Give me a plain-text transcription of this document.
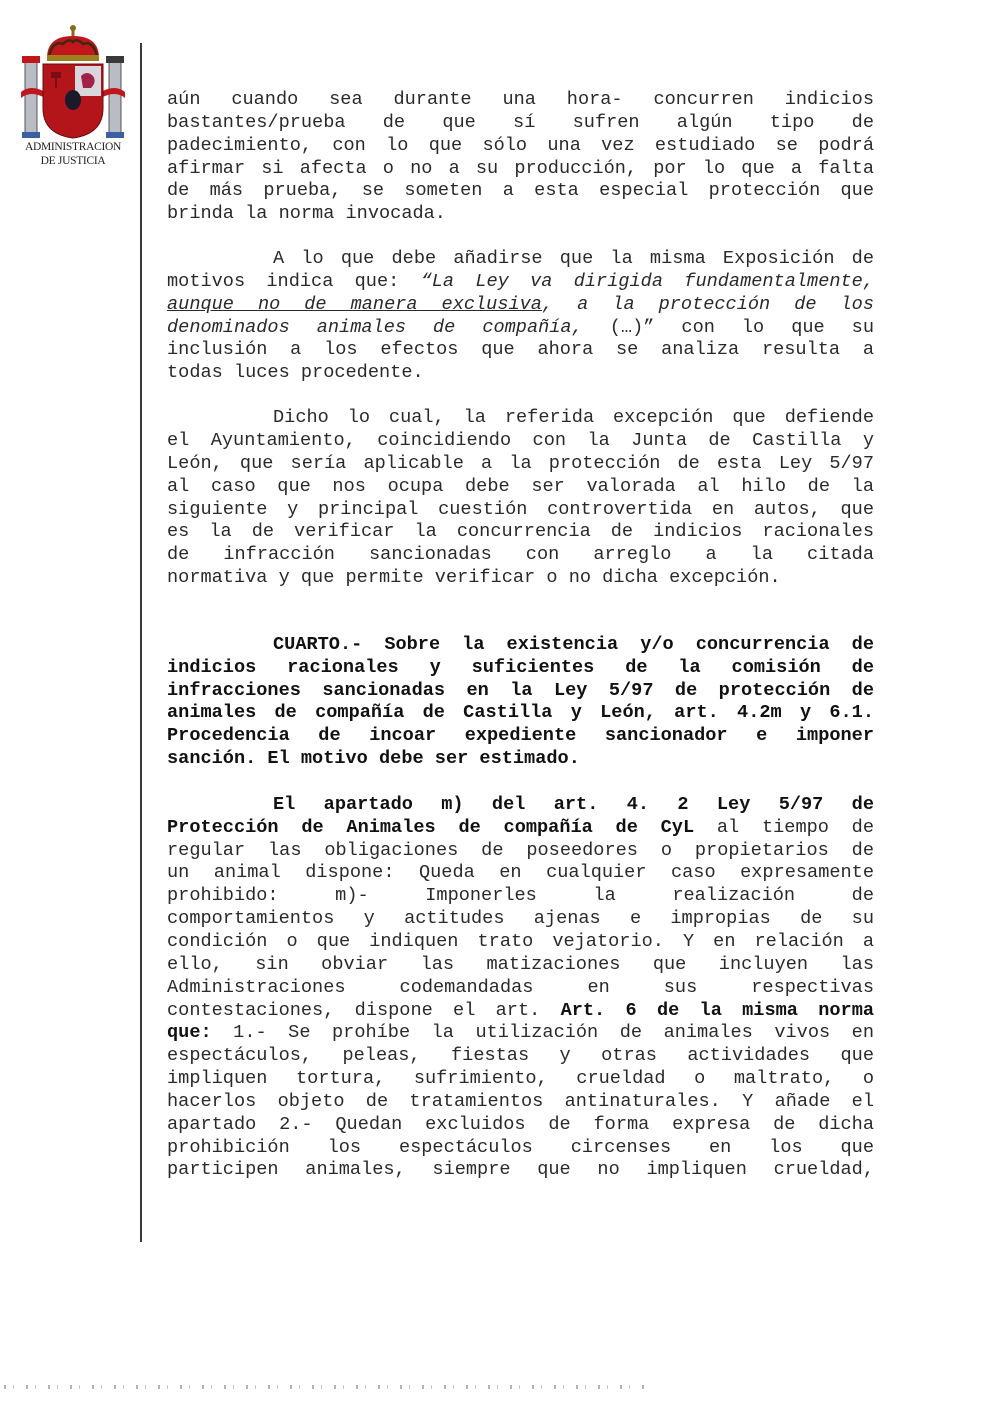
ADMINISTRACION
DE JUSTICIA
aún cuando sea durante una hora- concurren indicios
bastantes/prueba de que sí sufren algún tipo de
padecimiento, con lo que sólo una vez estudiado se podrá
afirmar si afecta o no a su producción, por lo que a falta
de más prueba, se someten a esta especial protección que
brinda la norma invocada.
A lo que debe añadirse que la misma Exposición de
motivos indica que: “La Ley va dirigida fundamentalmente,
aunque no de manera exclusiva, a la protección de los
denominados animales de compañía, (…)” con lo que su
inclusión a los efectos que ahora se analiza resulta a
todas luces procedente.
Dicho lo cual, la referida excepción que defiende
el Ayuntamiento, coincidiendo con la Junta de Castilla y
León, que sería aplicable a la protección de esta Ley 5/97
al caso que nos ocupa debe ser valorada al hilo de la
siguiente y principal cuestión controvertida en autos, que
es la de verificar la concurrencia de indicios racionales
de infracción sancionadas con arreglo a la citada
normativa y que permite verificar o no dicha excepción.
CUARTO.- Sobre la existencia y/o concurrencia de
indicios racionales y suficientes de la comisión de
infracciones sancionadas en la Ley 5/97 de protección de
animales de compañía de Castilla y León, art. 4.2m y 6.1.
Procedencia de incoar expediente sancionador e imponer
sanción. El motivo debe ser estimado.
El apartado m) del art. 4. 2 Ley 5/97 de
Protección de Animales de compañía de CyL al tiempo de
regular las obligaciones de poseedores o propietarios de
un animal dispone: Queda en cualquier caso expresamente
prohibido: m)- Imponerles la realización de
comportamientos y actitudes ajenas e impropias de su
condición o que indiquen trato vejatorio. Y en relación a
ello, sin obviar las matizaciones que incluyen las
Administraciones codemandadas en sus respectivas
contestaciones, dispone el art. Art. 6 de la misma norma
que: 1.- Se prohíbe la utilización de animales vivos en
espectáculos, peleas, fiestas y otras actividades que
impliquen tortura, sufrimiento, crueldad o maltrato, o
hacerlos objeto de tratamientos antinaturales. Y añade el
apartado 2.- Quedan excluidos de forma expresa de dicha
prohibición los espectáculos circenses en los que
participen animales, siempre que no impliquen crueldad,
